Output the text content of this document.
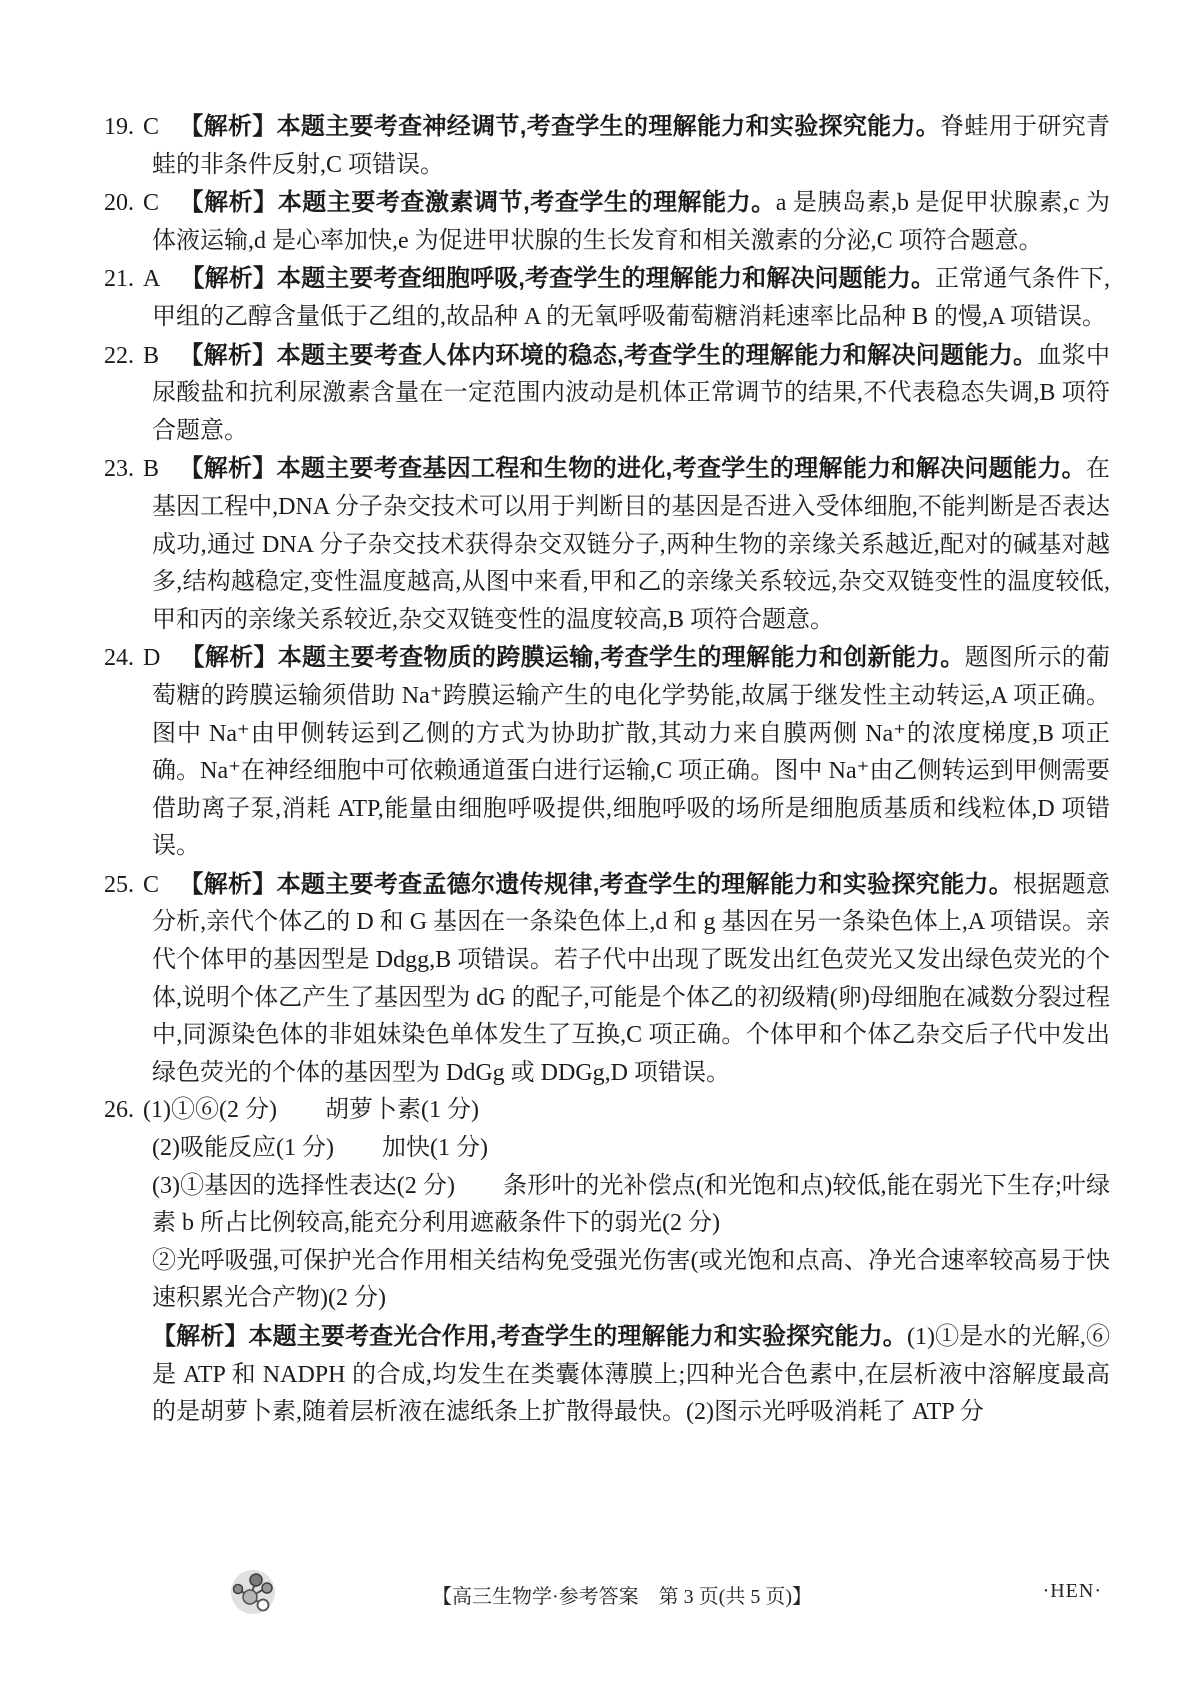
19. C 【解析】本题主要考查神经调节,考查学生的理解能力和实验探究能力。脊蛙用于研究青蛙的非条件反射,C 项错误。

20. C 【解析】本题主要考查激素调节,考查学生的理解能力。a 是胰岛素,b 是促甲状腺素,c 为体液运输,d 是心率加快,e 为促进甲状腺的生长发育和相关激素的分泌,C 项符合题意。

21. A 【解析】本题主要考查细胞呼吸,考查学生的理解能力和解决问题能力。正常通气条件下,甲组的乙醇含量低于乙组的,故品种 A 的无氧呼吸葡萄糖消耗速率比品种 B 的慢,A 项错误。

22. B 【解析】本题主要考查人体内环境的稳态,考查学生的理解能力和解决问题能力。血浆中尿酸盐和抗利尿激素含量在一定范围内波动是机体正常调节的结果,不代表稳态失调,B 项符合题意。

23. B 【解析】本题主要考查基因工程和生物的进化,考查学生的理解能力和解决问题能力。在基因工程中,DNA 分子杂交技术可以用于判断目的基因是否进入受体细胞,不能判断是否表达成功,通过 DNA 分子杂交技术获得杂交双链分子,两种生物的亲缘关系越近,配对的碱基对越多,结构越稳定,变性温度越高,从图中来看,甲和乙的亲缘关系较远,杂交双链变性的温度较低,甲和丙的亲缘关系较近,杂交双链变性的温度较高,B 项符合题意。

24. D 【解析】本题主要考查物质的跨膜运输,考查学生的理解能力和创新能力。题图所示的葡萄糖的跨膜运输须借助 Na⁺跨膜运输产生的电化学势能,故属于继发性主动转运,A 项正确。图中 Na⁺由甲侧转运到乙侧的方式为协助扩散,其动力来自膜两侧 Na⁺的浓度梯度,B 项正确。Na⁺在神经细胞中可依赖通道蛋白进行运输,C 项正确。图中 Na⁺由乙侧转运到甲侧需要借助离子泵,消耗 ATP,能量由细胞呼吸提供,细胞呼吸的场所是细胞质基质和线粒体,D 项错误。

25. C 【解析】本题主要考查孟德尔遗传规律,考查学生的理解能力和实验探究能力。根据题意分析,亲代个体乙的 D 和 G 基因在一条染色体上,d 和 g 基因在另一条染色体上,A 项错误。亲代个体甲的基因型是 Ddgg,B 项错误。若子代中出现了既发出红色荧光又发出绿色荧光的个体,说明个体乙产生了基因型为 dG 的配子,可能是个体乙的初级精(卵)母细胞在减数分裂过程中,同源染色体的非姐妹染色单体发生了互换,C 项正确。个体甲和个体乙杂交后子代中发出绿色荧光的个体的基因型为 DdGg 或 DDGg,D 项错误。

26. (1)①⑥(2 分)　　胡萝卜素(1 分)

(2)吸能反应(1 分)　　加快(1 分)

(3)①基因的选择性表达(2 分)　　条形叶的光补偿点(和光饱和点)较低,能在弱光下生存;叶绿素 b 所占比例较高,能充分利用遮蔽条件下的弱光(2 分)

②光呼吸强,可保护光合作用相关结构免受强光伤害(或光饱和点高、净光合速率较高易于快速积累光合产物)(2 分)

【解析】本题主要考查光合作用,考查学生的理解能力和实验探究能力。(1)①是水的光解,⑥是 ATP 和 NADPH 的合成,均发生在类囊体薄膜上;四种光合色素中,在层析液中溶解度最高的是胡萝卜素,随着层析液在滤纸条上扩散得最快。(2)图示光呼吸消耗了 ATP 分

【高三生物学·参考答案　第 3 页(共 5 页)】	·HEN·
